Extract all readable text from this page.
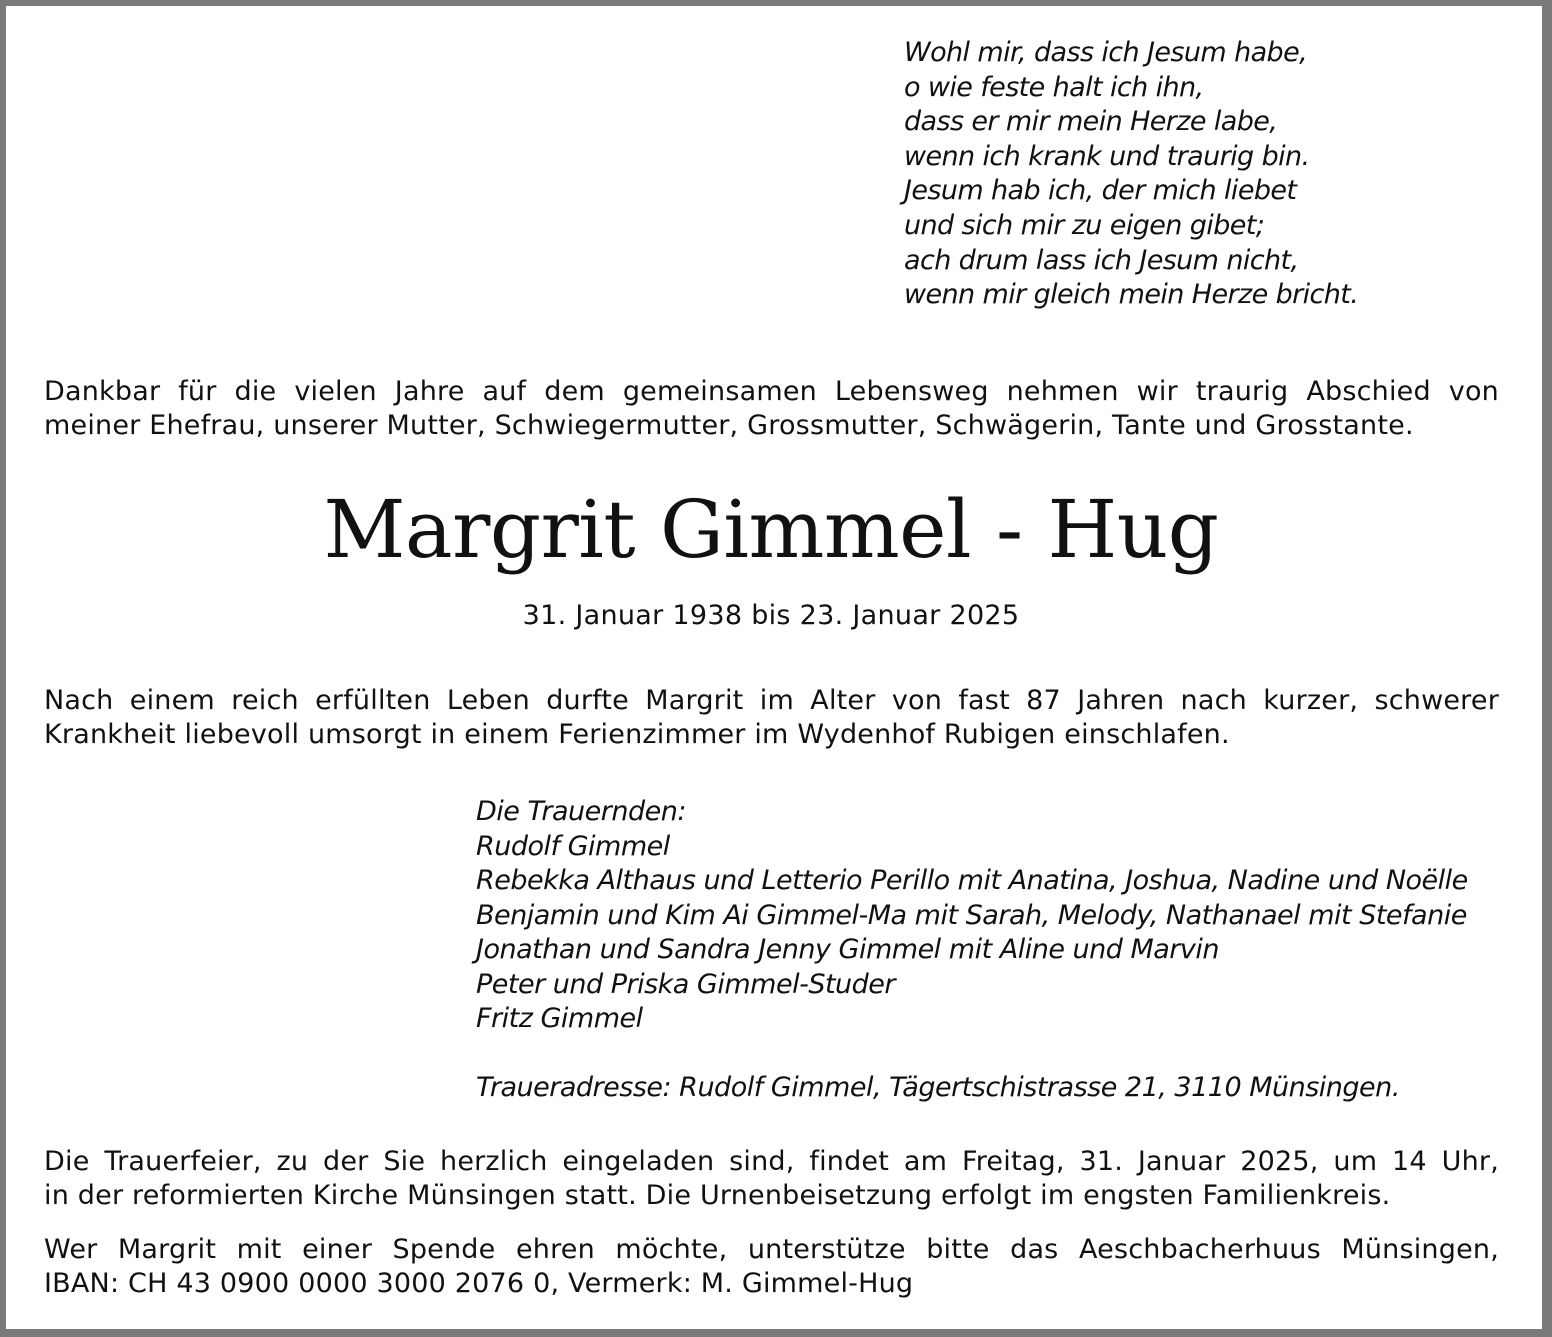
Wohl mir, dass ich Jesum habe,
o wie feste halt ich ihn,
dass er mir mein Herze labe,
wenn ich krank und traurig bin.
Jesum hab ich, der mich liebet
und sich mir zu eigen gibet;
ach drum lass ich Jesum nicht,
wenn mir gleich mein Herze bricht.
Dankbar für die vielen Jahre auf dem gemeinsamen Lebensweg nehmen wir traurig Abschied von
meiner Ehefrau, unserer Mutter, Schwiegermutter, Grossmutter, Schwägerin, Tante und Grosstante.
Margrit Gimmel - Hug
31. Januar 1938 bis 23. Januar 2025
Nach einem reich erfüllten Leben durfte Margrit im Alter von fast 87 Jahren nach kurzer, schwerer
Krankheit liebevoll umsorgt in einem Ferienzimmer im Wydenhof Rubigen einschlafen.
Die Trauernden:
Rudolf Gimmel
Rebekka Althaus und Letterio Perillo mit Anatina, Joshua, Nadine und Noëlle
Benjamin und Kim Ai Gimmel-Ma mit Sarah, Melody, Nathanael mit Stefanie
Jonathan und Sandra Jenny Gimmel mit Aline und Marvin
Peter und Priska Gimmel-Studer
Fritz Gimmel
Traueradresse: Rudolf Gimmel, Tägertschistrasse 21, 3110 Münsingen.
Die Trauerfeier, zu der Sie herzlich eingeladen sind, findet am Freitag, 31. Januar 2025, um 14 Uhr,
in der reformierten Kirche Münsingen statt. Die Urnenbeisetzung erfolgt im engsten Familienkreis.
Wer Margrit mit einer Spende ehren möchte, unterstütze bitte das Aeschbacherhuus Münsingen,
IBAN: CH 43 0900 0000 3000 2076 0, Vermerk: M. Gimmel-Hug
